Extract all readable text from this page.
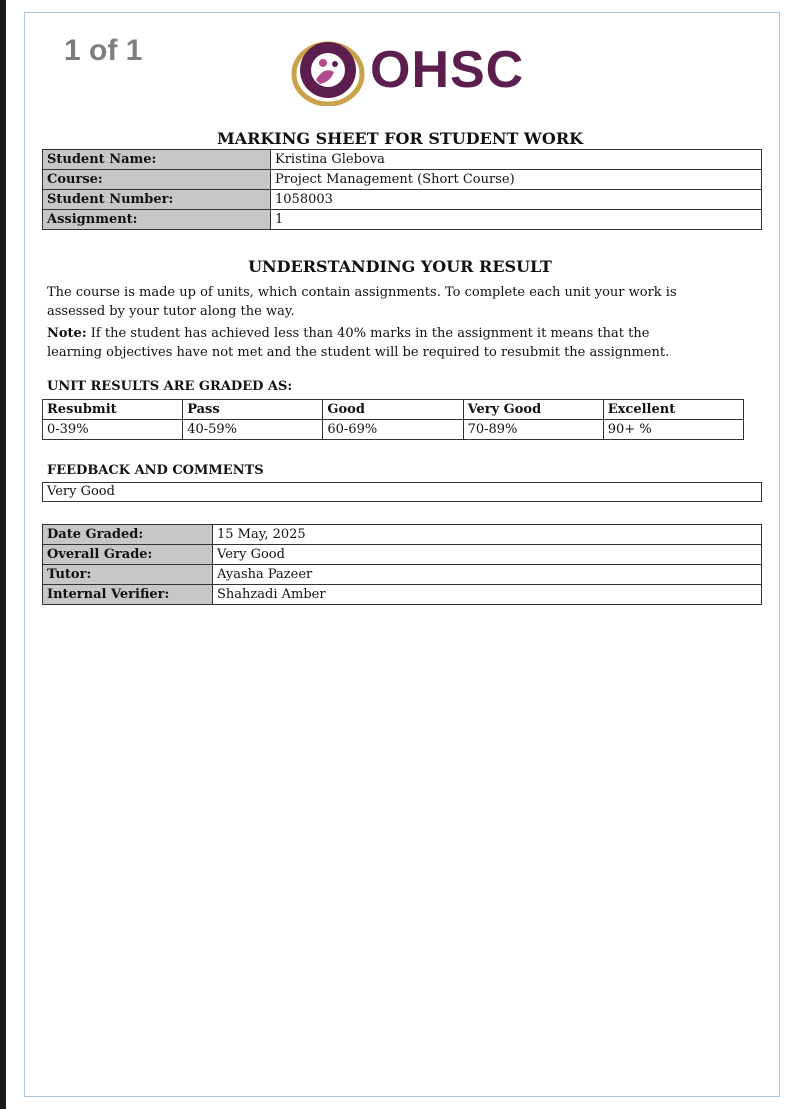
1 of 1	OHSC
MARKING SHEET FOR STUDENT WORK
Student Name:	Kristina Glebova
Course:	Project Management (Short Course)
Student Number:	1058003
Assignment:	1
UNDERSTANDING YOUR RESULT
The course is made up of units, which contain assignments. To complete each unit your work is assessed by your tutor along the way.
Note: If the student has achieved less than 40% marks in the assignment it means that the learning objectives have not met and the student will be required to resubmit the assignment.
UNIT RESULTS ARE GRADED AS:
Resubmit	Pass	Good	Very Good	Excellent
0-39%	40-59%	60-69%	70-89%	90+ %
FEEDBACK AND COMMENTS
Very Good
Date Graded:	15 May, 2025
Overall Grade:	Very Good
Tutor:	Ayasha Pazeer
Internal Verifier:	Shahzadi Amber
